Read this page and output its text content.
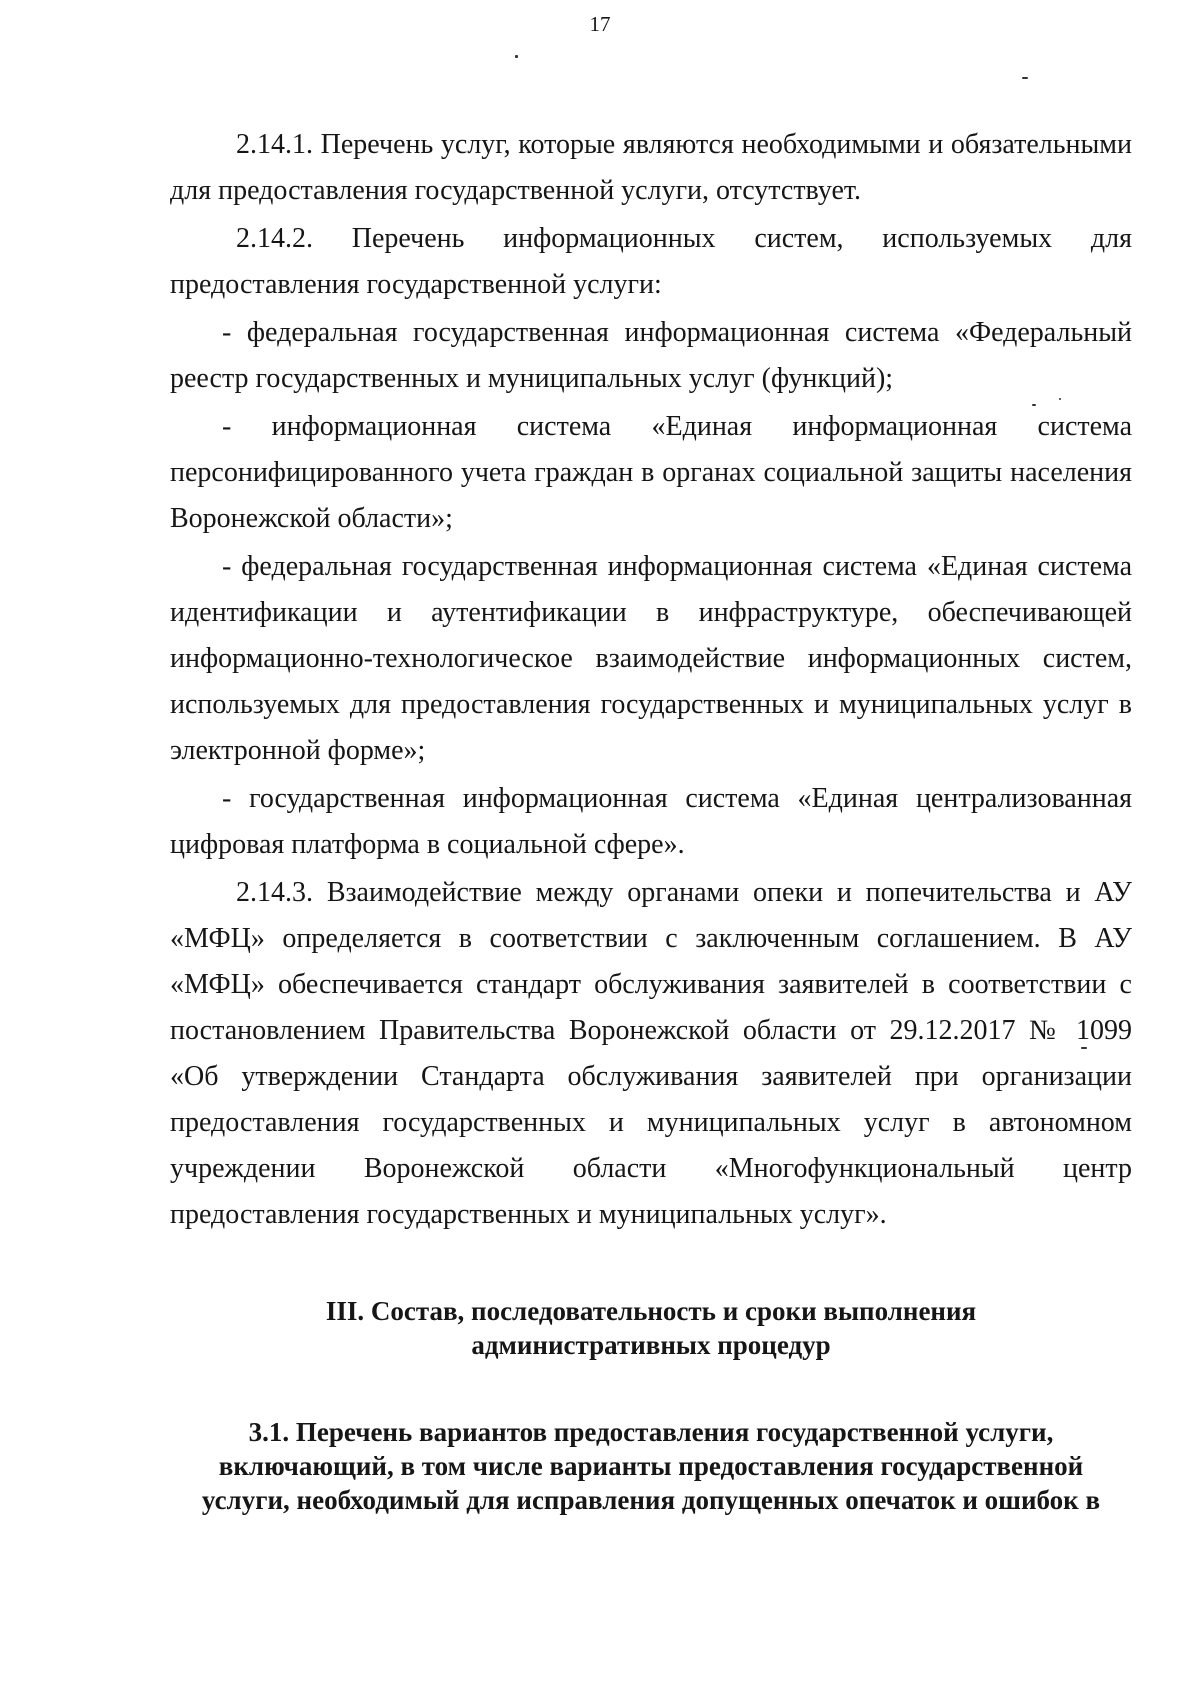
17

2.14.1. Перечень услуг, которые являются необходимыми и обязательными для предоставления государственной услуги, отсутствует.

2.14.2. Перечень информационных систем, используемых для предоставления государственной услуги:

- федеральная государственная информационная система «Федеральный реестр государственных и муниципальных услуг (функций);

- информационная система «Единая информационная система персонифицированного учета граждан в органах социальной защиты населения Воронежской области»;

- федеральная государственная информационная система «Единая система идентификации и аутентификации в инфраструктуре, обеспечивающей информационно-технологическое взаимодействие информационных систем, используемых для предоставления государственных и муниципальных услуг в электронной форме»;

- государственная информационная система «Единая централизованная цифровая платформа в социальной сфере».

2.14.3. Взаимодействие между органами опеки и попечительства и АУ «МФЦ» определяется в соответствии с заключенным соглашением. В АУ «МФЦ» обеспечивается стандарт обслуживания заявителей в соответствии с постановлением Правительства Воронежской области от 29.12.2017 № 1099 «Об утверждении Стандарта обслуживания заявителей при организации предоставления государственных и муниципальных услуг в автономном учреждении Воронежской области «Многофункциональный центр предоставления государственных и муниципальных услуг».

III. Состав, последовательность и сроки выполнения
административных процедур
3.1. Перечень вариантов предоставления государственной услуги,
включающий, в том числе варианты предоставления государственной
услуги, необходимый для исправления допущенных опечаток и ошибок в
